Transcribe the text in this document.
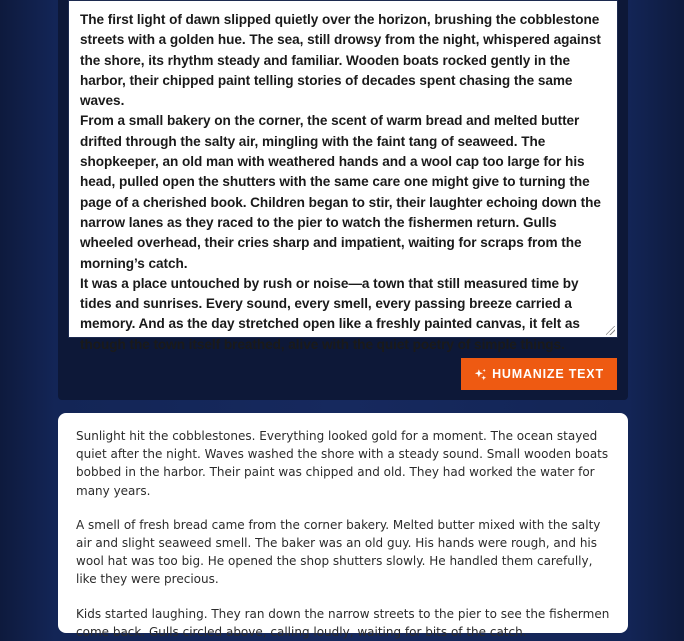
The first light of dawn slipped quietly over the horizon, brushing the cobblestone streets with a golden hue. The sea, still drowsy from the night, whispered against the shore, its rhythm steady and familiar. Wooden boats rocked gently in the harbor, their chipped paint telling stories of decades spent chasing the same waves.

From a small bakery on the corner, the scent of warm bread and melted butter drifted through the salty air, mingling with the faint tang of seaweed. The shopkeeper, an old man with weathered hands and a wool cap too large for his head, pulled open the shutters with the same care one might give to turning the page of a cherished book. Children began to stir, their laughter echoing down the narrow lanes as they raced to the pier to watch the fishermen return. Gulls wheeled overhead, their cries sharp and impatient, waiting for scraps from the morning’s catch.

It was a place untouched by rush or noise—a town that still measured time by tides and sunrises. Every sound, every smell, every passing breeze carried a memory. And as the day stretched open like a freshly painted canvas, it felt as though the town itself breathed, alive with the quiet poetry of simple things.

HUMANIZE TEXT

Sunlight hit the cobblestones. Everything looked gold for a moment. The ocean stayed quiet after the night. Waves washed the shore with a steady sound. Small wooden boats bobbed in the harbor. Their paint was chipped and old. They had worked the water for many years.

A smell of fresh bread came from the corner bakery. Melted butter mixed with the salty air and slight seaweed smell. The baker was an old guy. His hands were rough, and his wool hat was too big. He opened the shop shutters slowly. He handled them carefully, like they were precious.

Kids started laughing. They ran down the narrow streets to the pier to see the fishermen come back. Gulls circled above, calling loudly, waiting for bits of the catch.
